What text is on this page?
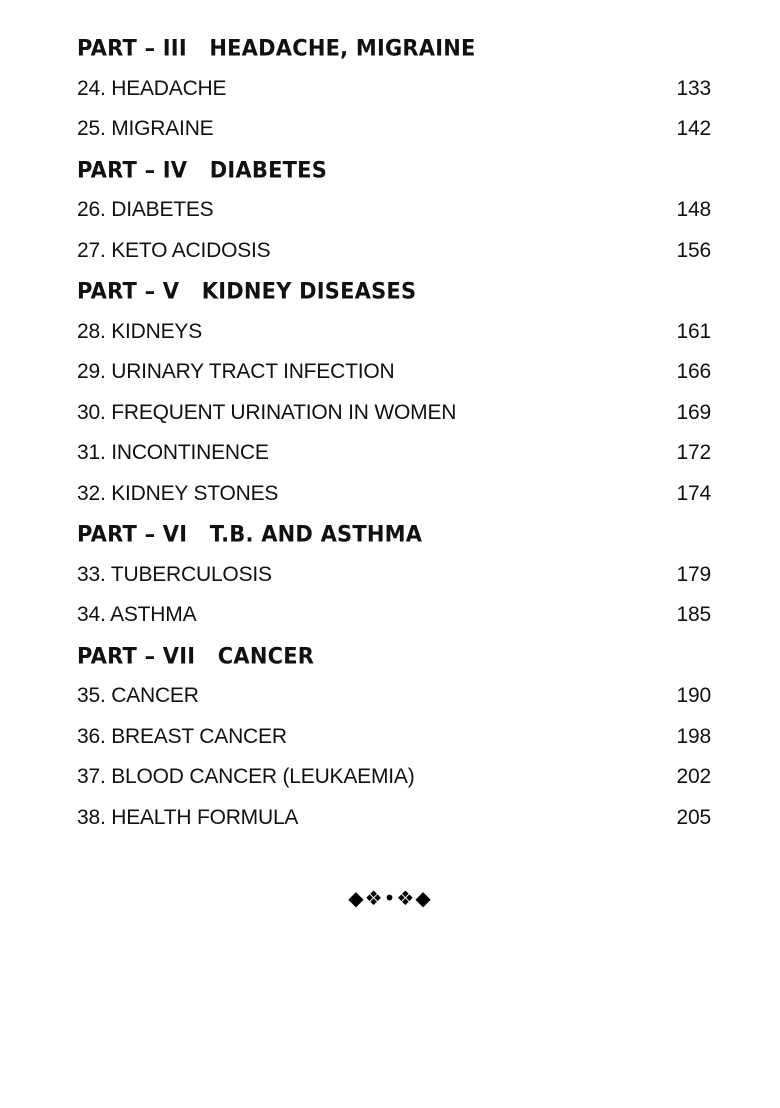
PART – III   HEADACHE, MIGRAINE
24. HEADACHE	133
25. MIGRAINE	142
PART – IV   DIABETES
26. DIABETES	148
27. KETO ACIDOSIS	156
PART – V   KIDNEY DISEASES
28. KIDNEYS	161
29. URINARY TRACT INFECTION	166
30. FREQUENT URINATION IN WOMEN	169
31. INCONTINENCE	172
32. KIDNEY STONES	174
PART – VI   T.B. AND ASTHMA
33. TUBERCULOSIS	179
34. ASTHMA	185
PART – VII   CANCER
35. CANCER	190
36. BREAST CANCER	198
37. BLOOD CANCER (LEUKAEMIA)	202
38. HEALTH FORMULA	205
◆❖•❖◆
